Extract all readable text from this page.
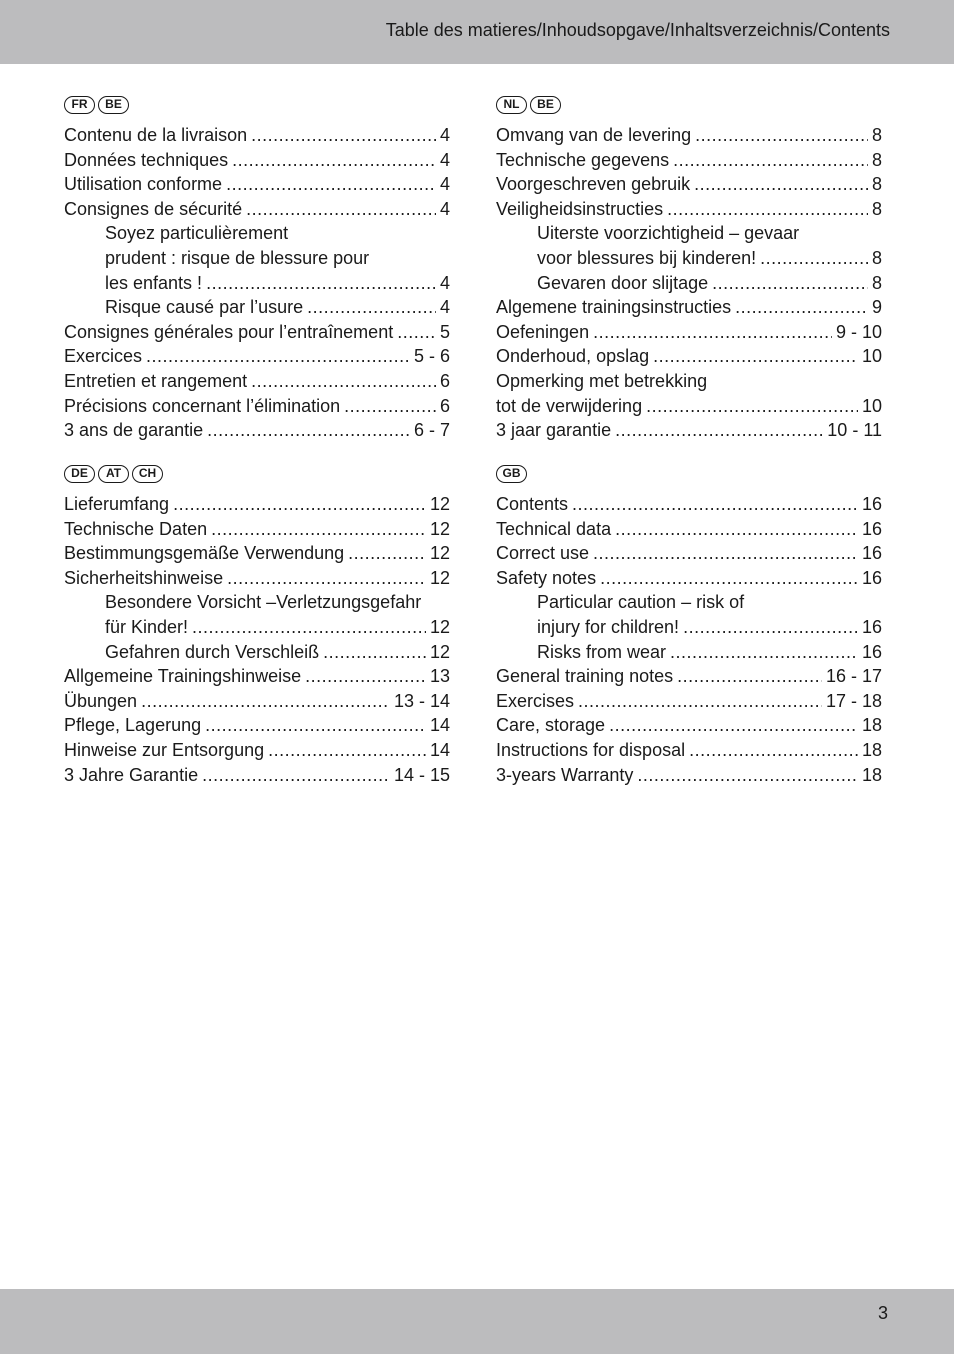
Table des matieres/Inhoudsopgave/Inhaltsverzeichnis/Contents
FR BE
Contenu de la livraison .....	4
Données techniques .....	4
Utilisation conforme .....	4
Consignes de sécurité .....	4
Soyez particulièrement
prudent : risque de blessure pour
les enfants ! .....	4
Risque causé par l’usure .....	4
Consignes générales pour l’entraînement .....	5
Exercices .....	5 - 6
Entretien et rangement .....	6
Précisions concernant l’élimination .....	6
3 ans de garantie .....	6 - 7
NL BE
Omvang van de levering .....	8
Technische gegevens .....	8
Voorgeschreven gebruik .....	8
Veiligheidsinstructies .....	8
Uiterste voorzichtigheid – gevaar
voor blessures bij kinderen! .....	8
Gevaren door slijtage .....	8
Algemene trainingsinstructies .....	9
Oefeningen .....	9 - 10
Onderhoud, opslag .....	10
Opmerking met betrekking
tot de verwijdering .....	10
3 jaar garantie .....	10 - 11
DE AT CH
Lieferumfang .....	12
Technische Daten .....	12
Bestimmungsgemäße Verwendung .....	12
Sicherheitshinweise .....	12
Besondere Vorsicht –Verletzungsgefahr
für Kinder! .....	12
Gefahren durch Verschleiß .....	12
Allgemeine Trainingshinweise .....	13
Übungen .....	13 - 14
Pflege, Lagerung .....	14
Hinweise zur Entsorgung .....	14
3 Jahre Garantie .....	14 - 15
GB
Contents .....	16
Technical data .....	16
Correct use .....	16
Safety notes .....	16
Particular caution – risk of
injury for children! .....	16
Risks from wear .....	16
General training notes .....	16 - 17
Exercises .....	17 - 18
Care, storage .....	18
Instructions for disposal .....	18
3-years Warranty .....	18
3
